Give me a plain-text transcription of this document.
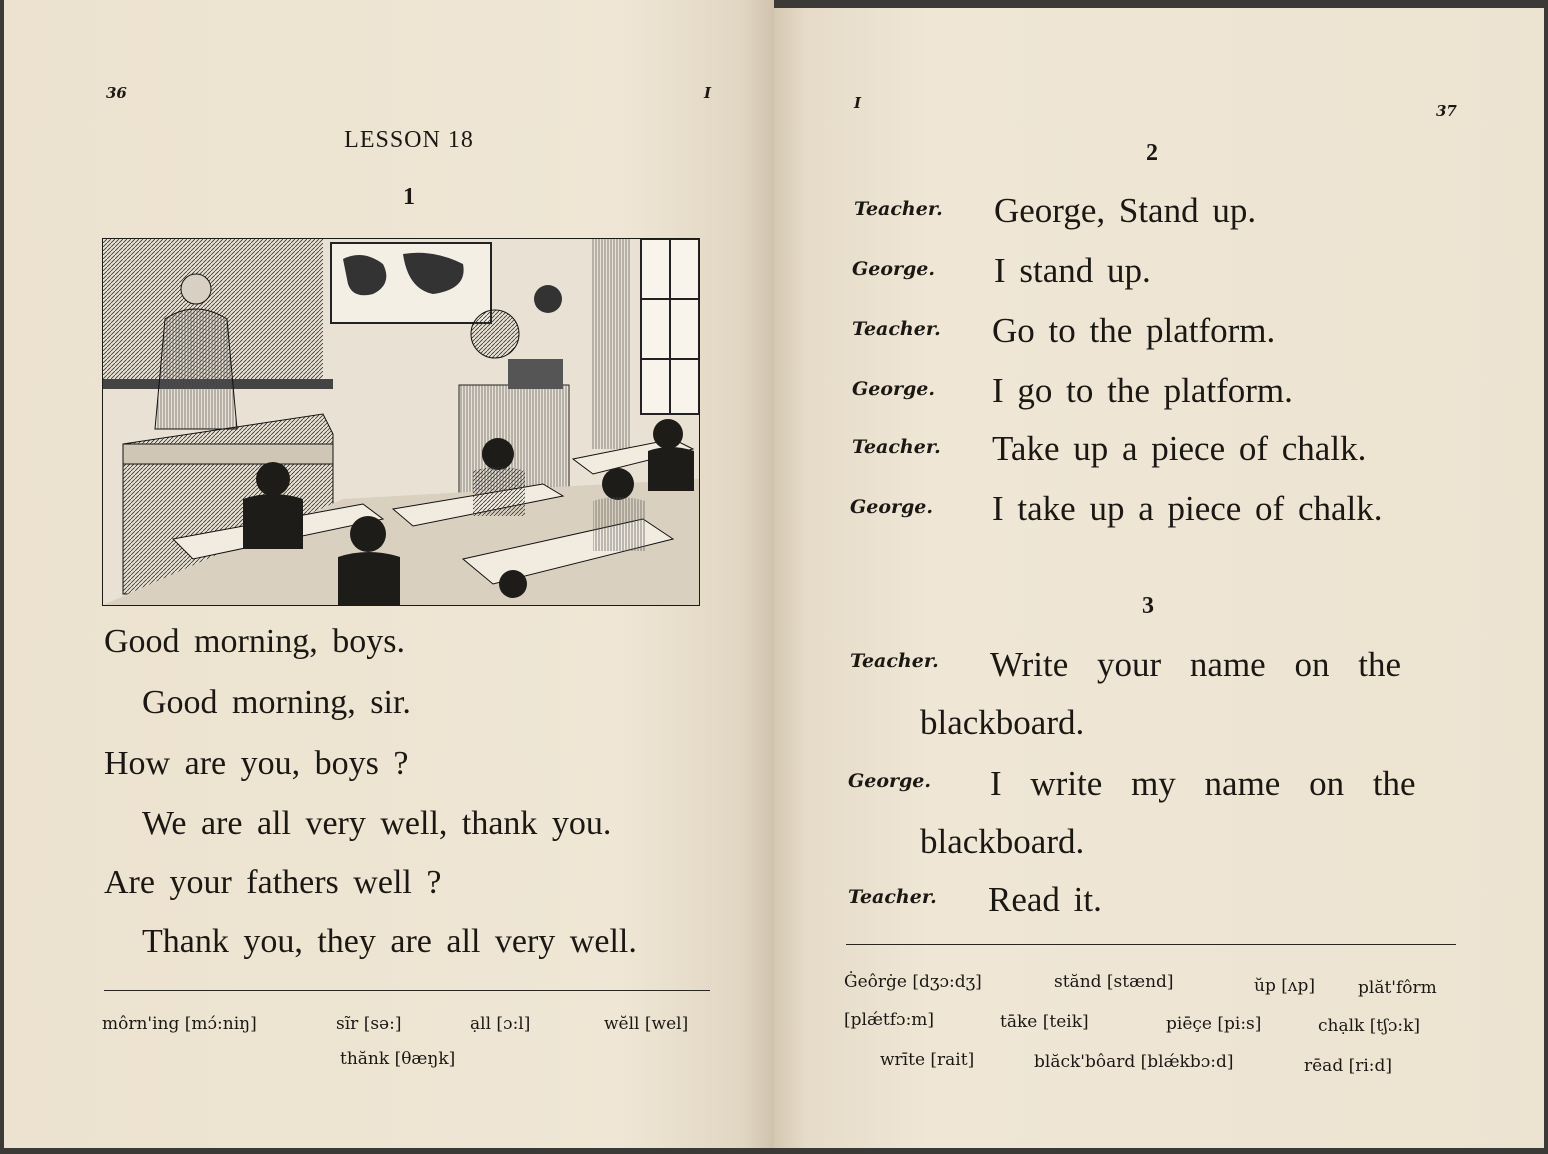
36	I
LESSON 18
1
Good morning, boys.
Good morning, sir.
How are you, boys ?
We are all very well, thank you.
Are your fathers well ?
Thank you, they are all very well.
môrn'ing [mɔ́:niŋ]	sĩr [sə:]	ạll [ɔ:l]	wĕll [wel]
thănk [θæŋk]
I	37
2
Teacher. George, Stand up.
George. I stand up.
Teacher. Go to the platform.
George. I go to the platform.
Teacher. Take up a piece of chalk.
George. I take up a piece of chalk.
3
Teacher. Write your name on the
blackboard.
George. I write my name on the
blackboard.
Teacher. Read it.
Ġeôrġe [dʒɔ:dʒ]	stănd [stænd]	ŭp [ʌp]	plăt'fôrm
[plǽtfɔ:m]	tāke [teik]	piēçe [pi:s]	chạlk [tʃɔ:k]
wrīte [rait]	blăck'bôard [blǽkbɔ:d]	rēad [ri:d]
